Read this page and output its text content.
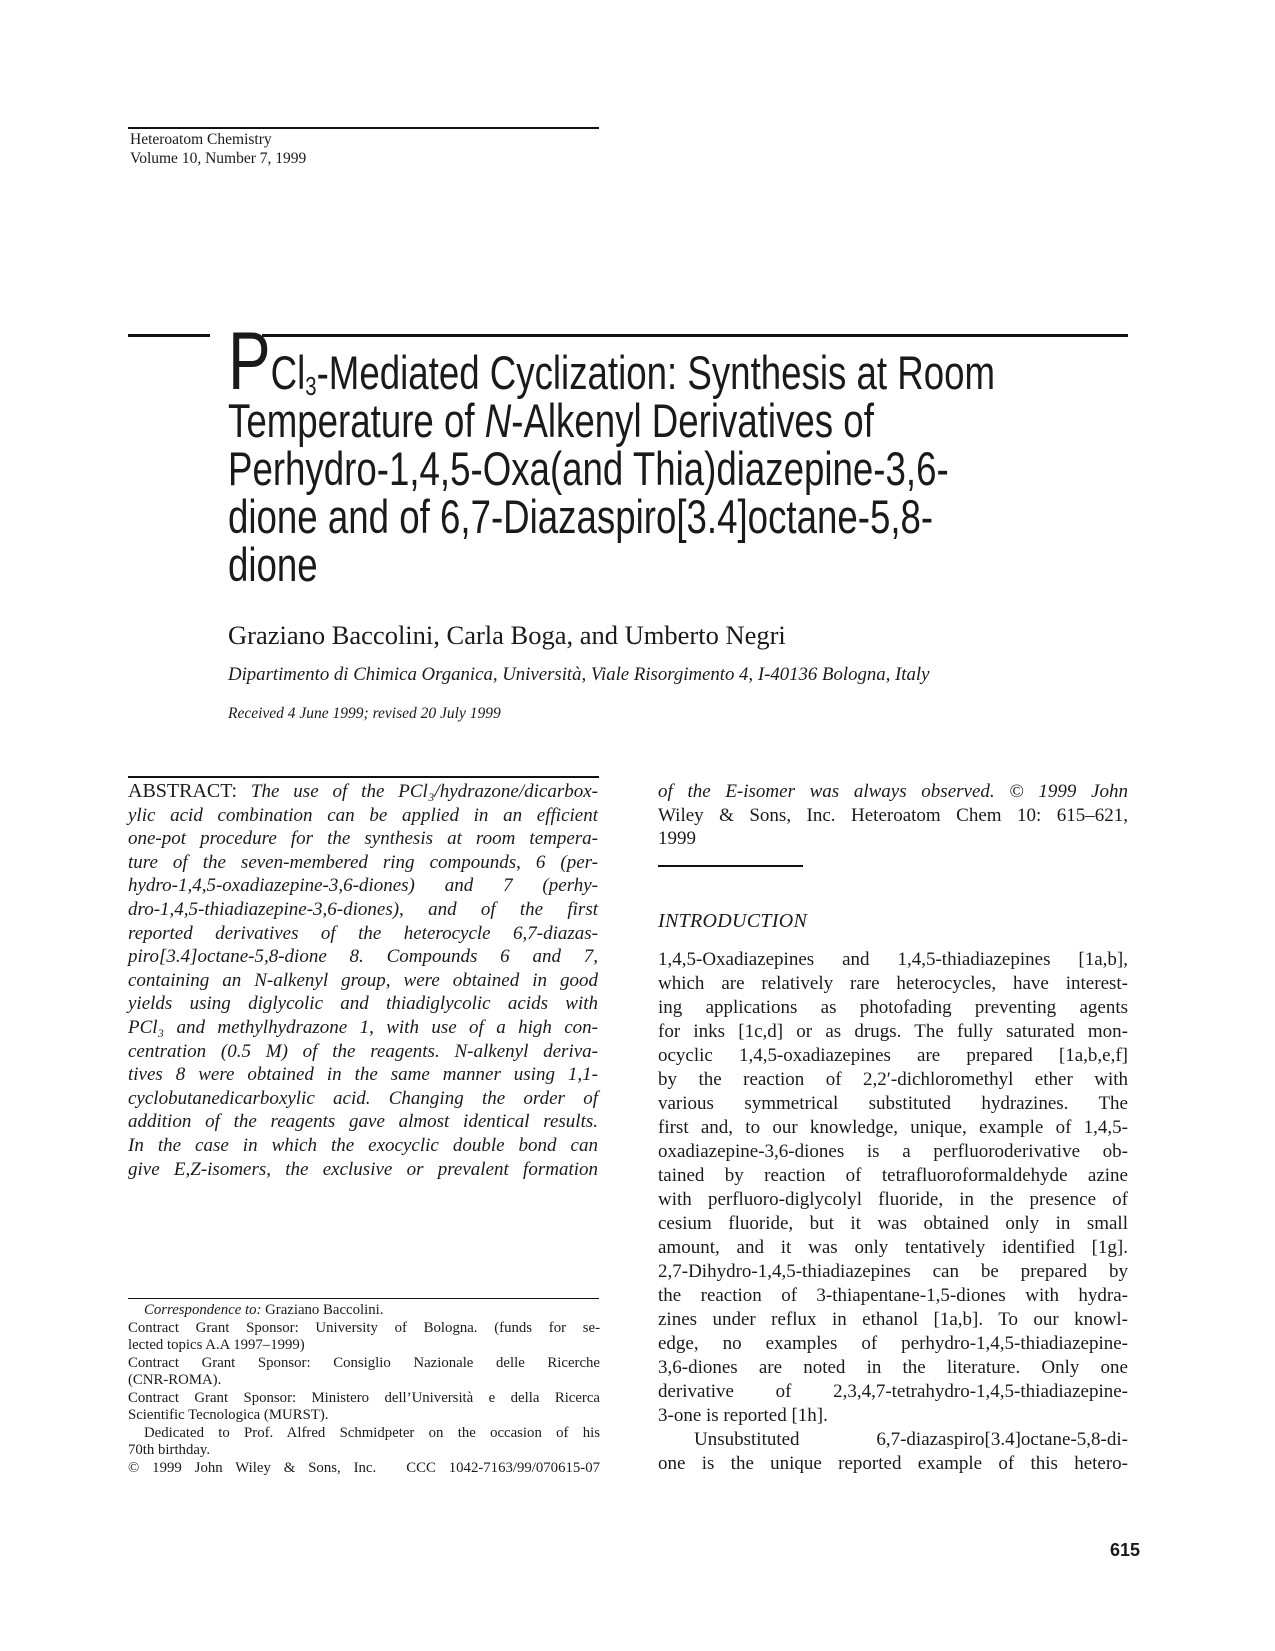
Heteroatom Chemistry
Volume 10, Number 7, 1999
PCl$_3$-Mediated Cyclization: Synthesis at Room
Temperature of N-Alkenyl Derivatives of
Perhydro-1,4,5-Oxa(and Thia)diazepine-3,6-
dione and of 6,7-Diazaspiro[3.4]octane-5,8-
dione
Graziano Baccolini, Carla Boga, and Umberto Negri
Dipartimento di Chimica Organica, Università, Viale Risorgimento 4, I-40136 Bologna, Italy
Received 4 June 1999; revised 20 July 1999
ABSTRACT: The use of the PCl₃/hydrazone/dicarbox-
ylic acid combination can be applied in an efficient
one-pot procedure for the synthesis at room tempera-
ture of the seven-membered ring compounds, 6 (per-
hydro-1,4,5-oxadiazepine-3,6-diones) and 7 (perhy-
dro-1,4,5-thiadiazepine-3,6-diones), and of the first
reported derivatives of the heterocycle 6,7-diazas-
piro[3.4]octane-5,8-dione 8. Compounds 6 and 7,
containing an N-alkenyl group, were obtained in good
yields using diglycolic and thiadiglycolic acids with
PCl₃ and methylhydrazone 1, with use of a high con-
centration (0.5 M) of the reagents. N-alkenyl deriva-
tives 8 were obtained in the same manner using 1,1-
cyclobutanedicarboxylic acid. Changing the order of
addition of the reagents gave almost identical results.
In the case in which the exocyclic double bond can
give E,Z-isomers, the exclusive or prevalent formation
Correspondence to: Graziano Baccolini.
Contract Grant Sponsor: University of Bologna. (funds for se-
lected topics A.A 1997–1999)
Contract Grant Sponsor: Consiglio Nazionale delle Ricerche
(CNR-ROMA).
Contract Grant Sponsor: Ministero dell’Università e della Ricerca
Scientific Tecnologica (MURST).
Dedicated to Prof. Alfred Schmidpeter on the occasion of his
70th birthday.
© 1999 John Wiley & Sons, Inc. CCC 1042-7163/99/070615-07
of the E-isomer was always observed. © 1999 John
Wiley & Sons, Inc. Heteroatom Chem 10: 615–621,
1999
INTRODUCTION
1,4,5-Oxadiazepines and 1,4,5-thiadiazepines [1a,b],
which are relatively rare heterocycles, have interest-
ing applications as photofading preventing agents
for inks [1c,d] or as drugs. The fully saturated mon-
ocyclic 1,4,5-oxadiazepines are prepared [1a,b,e,f]
by the reaction of 2,2′-dichloromethyl ether with
various symmetrical substituted hydrazines. The
first and, to our knowledge, unique, example of 1,4,5-
oxadiazepine-3,6-diones is a perfluoroderivative ob-
tained by reaction of tetrafluoroformaldehyde azine
with perfluoro-diglycolyl fluoride, in the presence of
cesium fluoride, but it was obtained only in small
amount, and it was only tentatively identified [1g].
2,7-Dihydro-1,4,5-thiadiazepines can be prepared by
the reaction of 3-thiapentane-1,5-diones with hydra-
zines under reflux in ethanol [1a,b]. To our knowl-
edge, no examples of perhydro-1,4,5-thiadiazepine-
3,6-diones are noted in the literature. Only one
derivative of 2,3,4,7-tetrahydro-1,4,5-thiadiazepine-
3-one is reported [1h].
Unsubstituted 6,7-diazaspiro[3.4]octane-5,8-di-
one is the unique reported example of this hetero-
615
